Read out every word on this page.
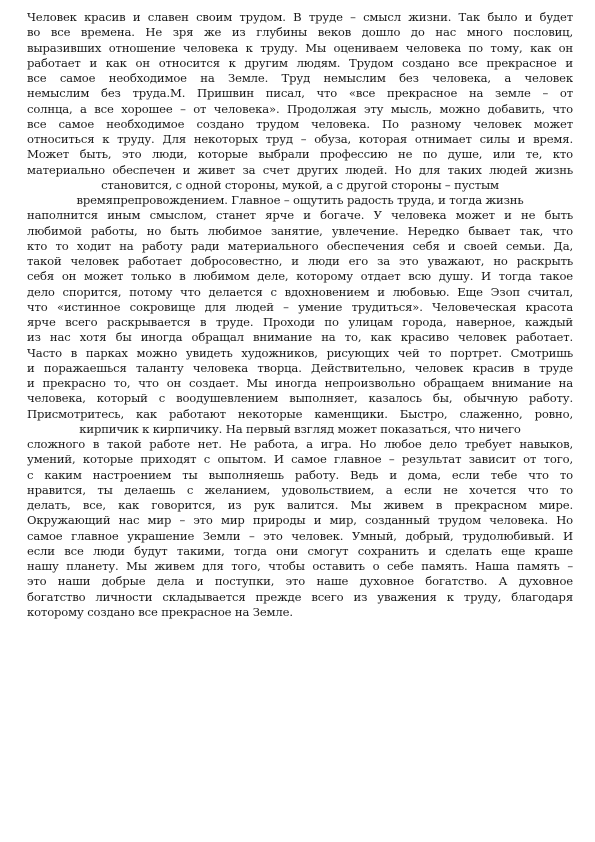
Человек красив и славен своим трудом. В труде – смысл жизни. Так было и будет
во все времена. Не зря же из глубины веков дошло до нас много пословиц,
выразивших отношение человека к труду. Мы оцениваем человека по тому, как он
работает и как он относится к другим людям. Трудом создано все прекрасное и
все самое необходимое на Земле. Труд немыслим без человека, а человек
немыслим без труда.М. Пришвин писал, что «все прекрасное на земле – от
солнца, а все хорошее – от человека». Продолжая эту мысль, можно добавить, что
все самое необходимое создано трудом человека. По разному человек может
относиться к труду. Для некоторых труд – обуза, которая отнимает силы и время.
Может быть, это люди, которые выбрали профессию не по душе, или те, кто
материально обеспечен и живет за счет других людей. Но для таких людей жизнь
становится, с одной стороны, мукой, а с другой стороны – пустым
времяпрепровождением. Главное – ощутить радость труда, и тогда жизнь
наполнится иным смыслом, станет ярче и богаче. У человека может и не быть
любимой работы, но быть любимое занятие, увлечение. Нередко бывает так, что
кто то ходит на работу ради материального обеспечения себя и своей семьи. Да,
такой человек работает добросовестно, и люди его за это уважают, но раскрыть
себя он может только в любимом деле, которому отдает всю душу. И тогда такое
дело спорится, потому что делается с вдохновением и любовью. Еще Эзоп считал,
что «истинное сокровище для людей – умение трудиться». Человеческая красота
ярче всего раскрывается в труде. Проходи по улицам города, наверное, каждый
из нас хотя бы иногда обращал внимание на то, как красиво человек работает.
Часто в парках можно увидеть художников, рисующих чей то портрет. Смотришь
и поражаешься таланту человека творца. Действительно, человек красив в труде
и прекрасно то, что он создает. Мы иногда непроизвольно обращаем внимание на
человека, который с воодушевлением выполняет, казалось бы, обычную работу.
Присмотритесь, как работают некоторые каменщики. Быстро, слаженно, ровно,
кирпичик к кирпичику. На первый взгляд может показаться, что ничего
сложного в такой работе нет. Не работа, а игра. Но любое дело требует навыков,
умений, которые приходят с опытом. И самое главное – результат зависит от того,
с каким настроением ты выполняешь работу. Ведь и дома, если тебе что то
нравится, ты делаешь с желанием, удовольствием, а если не хочется что то
делать, все, как говорится, из рук валится. Мы живем в прекрасном мире.
Окружающий нас мир – это мир природы и мир, созданный трудом человека. Но
самое главное украшение Земли – это человек. Умный, добрый, трудолюбивый. И
если все люди будут такими, тогда они смогут сохранить и сделать еще краше
нашу планету. Мы живем для того, чтобы оставить о себе память. Наша память –
это наши добрые дела и поступки, это наше духовное богатство. А духовное
богатство личности складывается прежде всего из уважения к труду, благодаря
которому создано все прекрасное на Земле.
